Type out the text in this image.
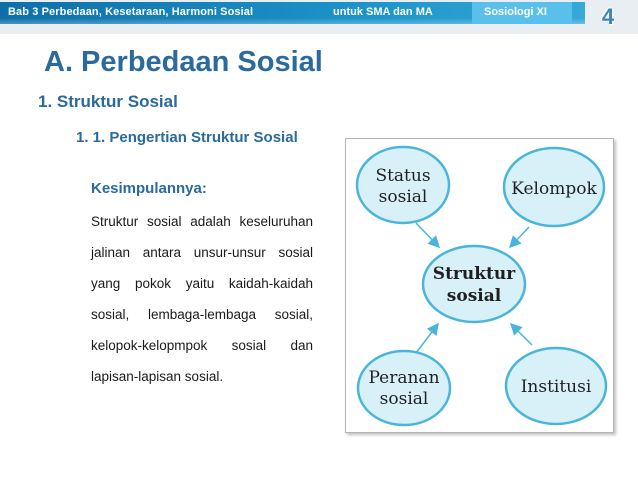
Bab 3 Perbedaan, Kesetaraan, Harmoni Sosial	untuk SMA dan MA	Sosiologi XI	4
A. Perbedaan Sosial
1. Struktur Sosial
1. 1. Pengertian Struktur Sosial
Kesimpulannya:
Struktur sosial adalah keseluruhan jalinan antara unsur-unsur sosial yang pokok yaitu kaidah-kaidah sosial, lembaga-lembaga sosial, kelopok-kelopmpok sosial dan lapisan-lapisan sosial.
Status
sosial	Kelompok
Struktur
sosial
Peranan
sosial
Institusi
